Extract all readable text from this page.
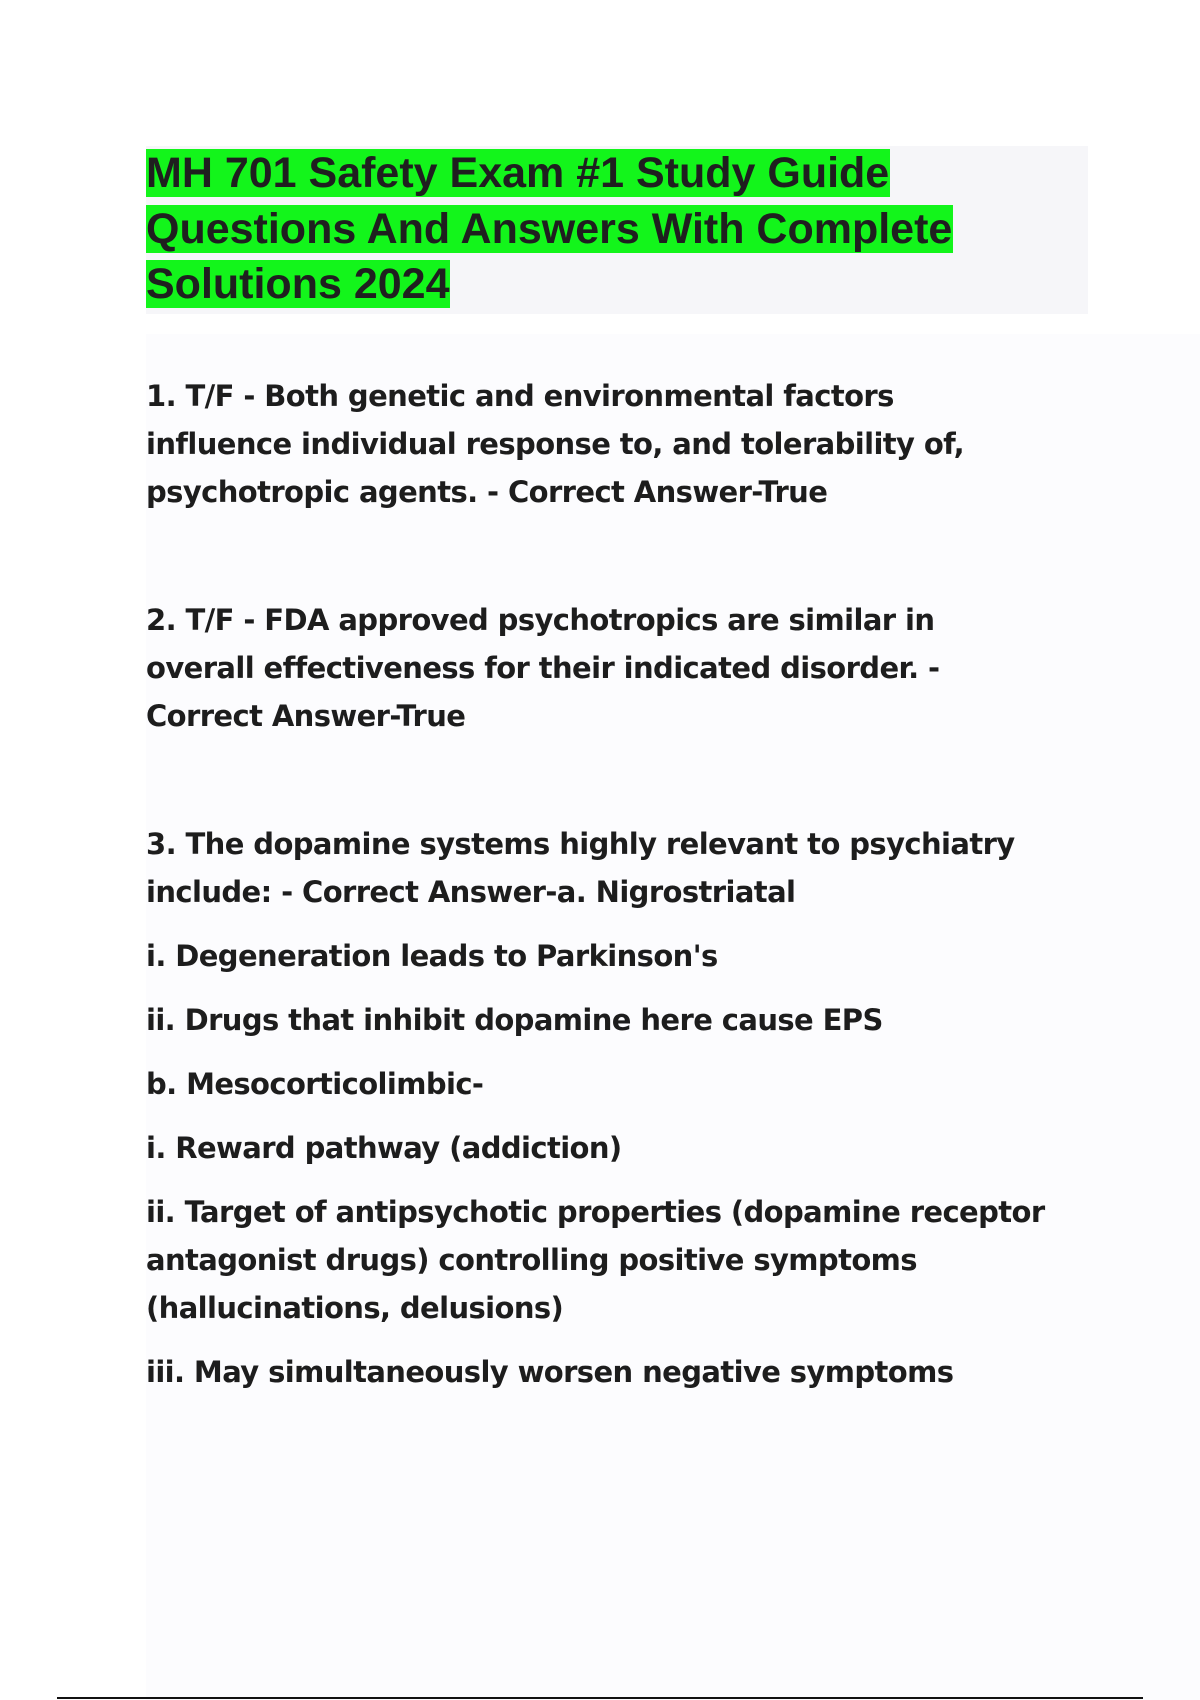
MH 701 Safety Exam #1 Study Guide Questions And Answers With Complete Solutions 2024

1. T/F - Both genetic and environmental factors influence individual response to, and tolerability of, psychotropic agents. - Correct Answer-True

2. T/F - FDA approved psychotropics are similar in overall effectiveness for their indicated disorder. - Correct Answer-True

3. The dopamine systems highly relevant to psychiatry include: - Correct Answer-a. Nigrostriatal

i. Degeneration leads to Parkinson's

ii. Drugs that inhibit dopamine here cause EPS

b. Mesocorticolimbic-

i. Reward pathway (addiction)

ii. Target of antipsychotic properties (dopamine receptor antagonist drugs) controlling positive symptoms (hallucinations, delusions)

iii. May simultaneously worsen negative symptoms
